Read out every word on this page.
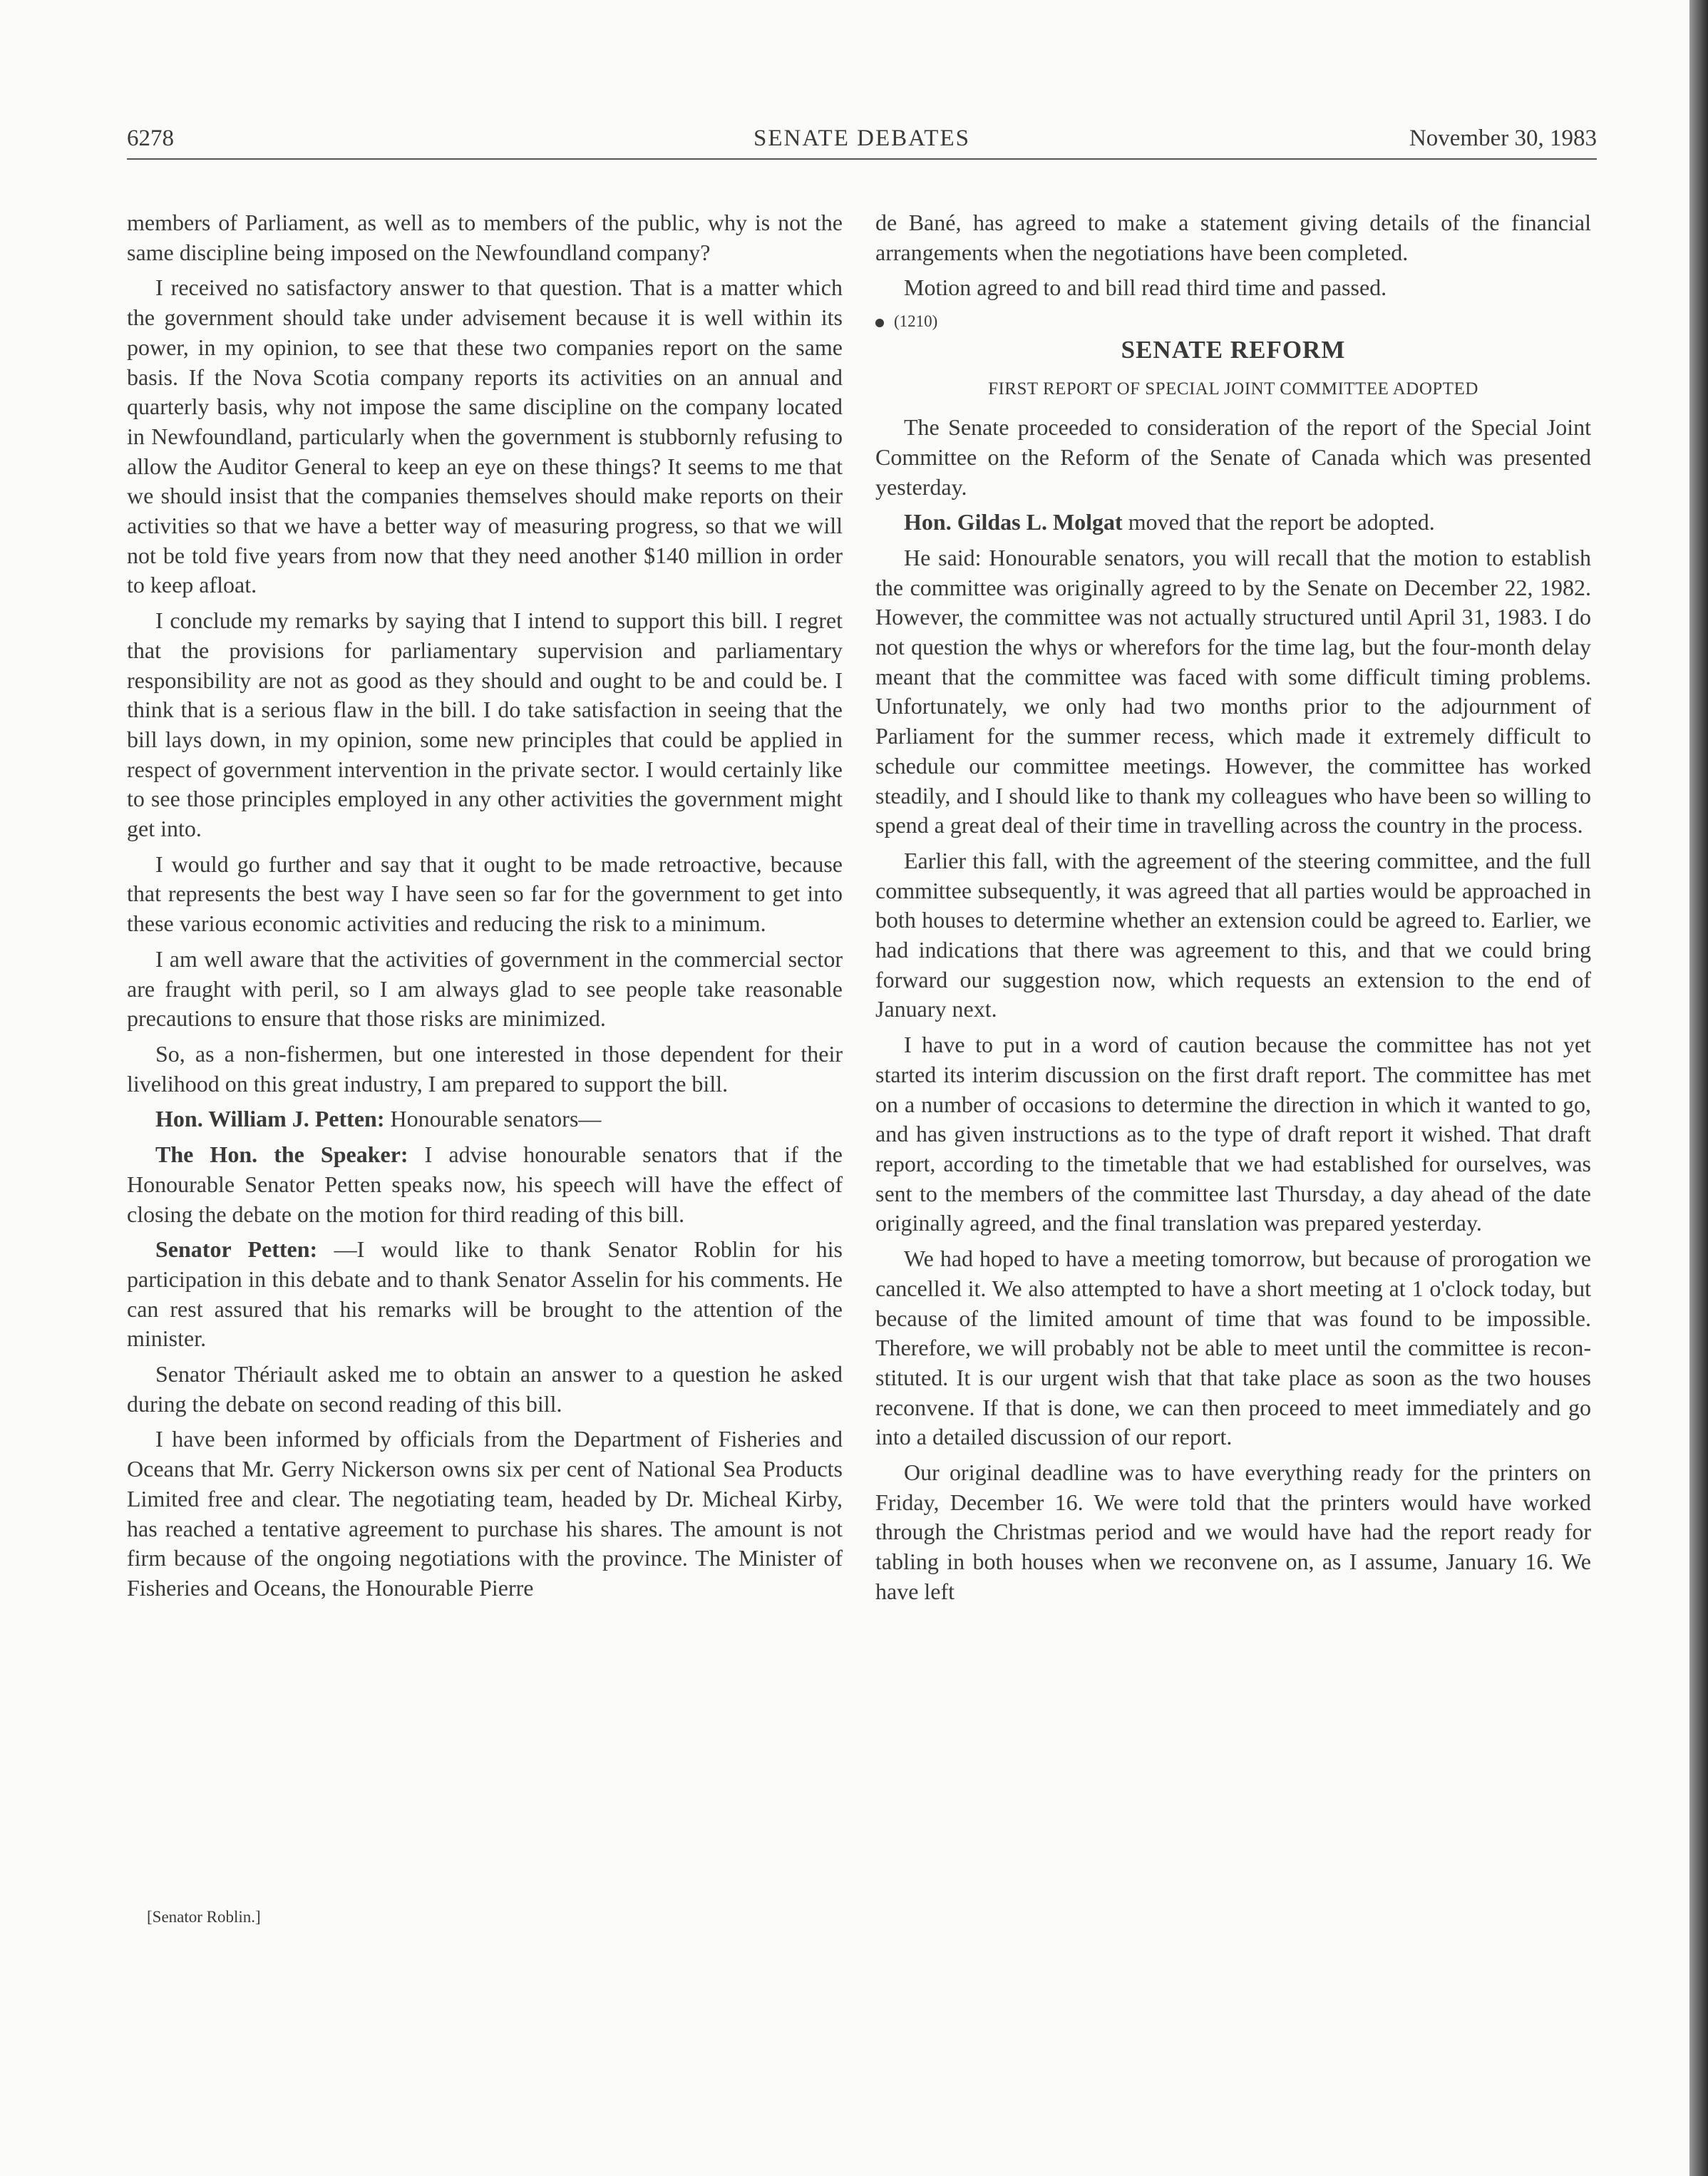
6278	SENATE DEBATES	November 30, 1983

members of Parliament, as well as to members of the public, why is not the same discipline being imposed on the Newfoundland company?

I received no satisfactory answer to that question. That is a matter which the government should take under advisement because it is well within its power, in my opinion, to see that these two companies report on the same basis. If the Nova Scotia company reports its activities on an annual and quarterly basis, why not impose the same discipline on the company located in Newfoundland, particularly when the government is stubbornly refusing to allow the Auditor General to keep an eye on these things? It seems to me that we should insist that the companies themselves should make reports on their activities so that we have a better way of measuring progress, so that we will not be told five years from now that they need another $140 million in order to keep afloat.

I conclude my remarks by saying that I intend to support this bill. I regret that the provisions for parliamentary supervision and parliamentary responsibility are not as good as they should and ought to be and could be. I think that is a serious flaw in the bill. I do take satisfaction in seeing that the bill lays down, in my opinion, some new principles that could be applied in respect of government intervention in the private sector. I would certainly like to see those principles employed in any other activities the government might get into.

I would go further and say that it ought to be made retroactive, because that represents the best way I have seen so far for the government to get into these various economic activities and reducing the risk to a minimum.

I am well aware that the activities of government in the commercial sector are fraught with peril, so I am always glad to see people take reasonable precautions to ensure that those risks are minimized.

So, as a non-fishermen, but one interested in those dependent for their livelihood on this great industry, I am prepared to support the bill.

Hon. William J. Petten: Honourable senators—

The Hon. the Speaker: I advise honourable senators that if the Honourable Senator Petten speaks now, his speech will have the effect of closing the debate on the motion for third reading of this bill.

Senator Petten: —I would like to thank Senator Roblin for his participation in this debate and to thank Senator Asselin for his comments. He can rest assured that his remarks will be brought to the attention of the minister.

Senator Thériault asked me to obtain an answer to a question he asked during the debate on second reading of this bill.

I have been informed by officials from the Department of Fisheries and Oceans that Mr. Gerry Nickerson owns six per cent of National Sea Products Limited free and clear. The negotiating team, headed by Dr. Micheal Kirby, has reached a tentative agreement to purchase his shares. The amount is not firm because of the ongoing negotiations with the province. The Minister of Fisheries and Oceans, the Honourable Pierre

de Bané, has agreed to make a statement giving details of the financial arrangements when the negotiations have been completed.

Motion agreed to and bill read third time and passed.

(1210)
SENATE REFORM
FIRST REPORT OF SPECIAL JOINT COMMITTEE ADOPTED

The Senate proceeded to consideration of the report of the Special Joint Committee on the Reform of the Senate of Canada which was presented yesterday.

Hon. Gildas L. Molgat moved that the report be adopted.

He said: Honourable senators, you will recall that the motion to establish the committee was originally agreed to by the Senate on December 22, 1982. However, the committee was not actually structured until April 31, 1983. I do not question the whys or wherefors for the time lag, but the four-month delay meant that the committee was faced with some difficult timing problems. Unfortunately, we only had two months prior to the adjournment of Parliament for the summer recess, which made it extremely difficult to schedule our committee meetings. However, the committee has worked steadily, and I should like to thank my colleagues who have been so willing to spend a great deal of their time in travelling across the country in the process.

Earlier this fall, with the agreement of the steering committee, and the full committee subsequently, it was agreed that all parties would be approached in both houses to determine whether an extension could be agreed to. Earlier, we had indications that there was agreement to this, and that we could bring forward our suggestion now, which requests an extension to the end of January next.

I have to put in a word of caution because the committee has not yet started its interim discussion on the first draft report. The committee has met on a number of occasions to determine the direction in which it wanted to go, and has given instructions as to the type of draft report it wished. That draft report, according to the timetable that we had established for ourselves, was sent to the members of the committee last Thursday, a day ahead of the date originally agreed, and the final translation was prepared yesterday.

We had hoped to have a meeting tomorrow, but because of prorogation we cancelled it. We also attempted to have a short meeting at 1 o'clock today, but because of the limited amount of time that was found to be impossible. Therefore, we will probably not be able to meet until the committee is reconstituted. It is our urgent wish that that take place as soon as the two houses reconvene. If that is done, we can then proceed to meet immediately and go into a detailed discussion of our report.

Our original deadline was to have everything ready for the printers on Friday, December 16. We were told that the printers would have worked through the Christmas period and we would have had the report ready for tabling in both houses when we reconvene on, as I assume, January 16. We have left

[Senator Roblin.]
